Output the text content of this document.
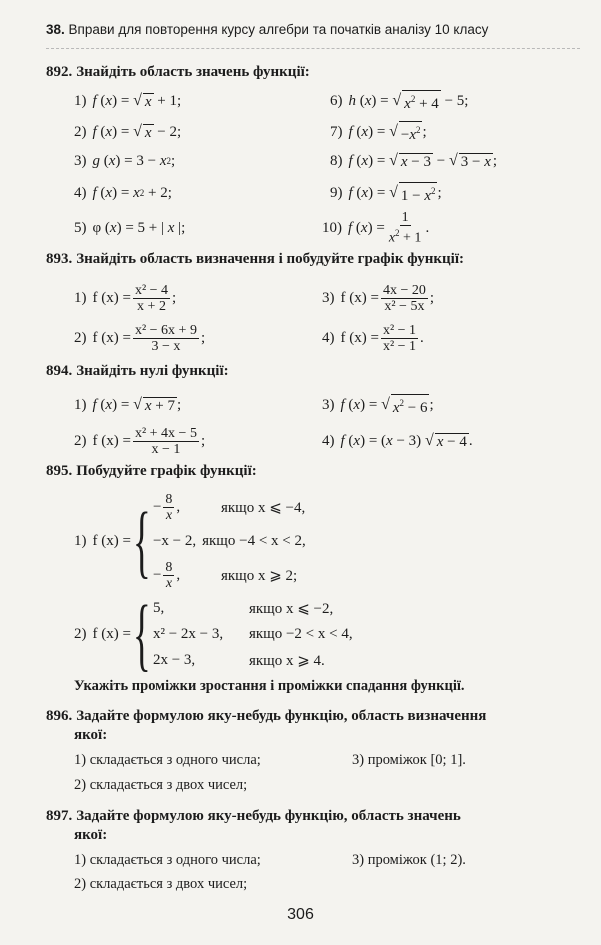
38. Вправи для повторення курсу алгебри та початків аналізу 10 класу
892. Знайдіть область значень функції:
1) f ( x ) = √ x + 1;
2) f ( x ) = √ x − 2;
3) g ( x ) = 3 − x 2 ;
4) f ( x ) = x 2 + 2;
5) φ ( x ) = 5 + | x |;
6) h ( x ) = √ $x^2 + 4 - 5$;
7) f ( x ) = √ $-x^2$ ;
8) f ( x ) = √ x − 3 − √ 3 − x ;
9) f ( x ) = √ $1 - x^2$ ;
10) f ( x ) = $\frac{1}{x^2 + 1}$ .
893. Знайдіть область визначення і побудуйте графік функції:
1) f $(x) = \frac{\text{x² − 4}}{x + 2}$ ;
2) f $(x) = \frac{\text{x² − 6x + 9}}{3 - x}$ ;
3) f $(x) = \frac{4x - 20}{\text{x² − 5x}}$ ;
4) f $(x) = \frac{\text{x² − 1}}{\text{x² − 1}}$ .
894. Знайдіть нулі функції:
1) f ( x ) = √ x + 7 ;
2) f $(x) = \frac{\text{x² + 4x − 5}}{x - 1}$ ;
3) f ( x ) = √ $x^2 - 6$ ;
4) f ( x ) = ( x − 3) √ x − 4 .
895. Побудуйте графік функції:
1) f (x) = { − $\frac{8}{x}$ ,	якщо x ⩽ −4,
−x − 2, якщо −4 < x < 2,
− $\frac{8}{x}$ ,	якщо x ⩾ 2;
2) f (x) = { 5,	якщо x ⩽ −2,
x² − 2x − 3,	якщо −2 < x < 4,
2x − 3,	якщо x ⩾ 4.
Укажіть проміжки зростання і проміжки спадання функції.
896. Задайте формулою яку-небудь функцію, область визначення
якої:
1) складається з одного числа;	3) проміжок [0; 1].
2) складається з двох чисел;
897. Задайте формулою яку-небудь функцію, область значень
якої:
1) складається з одного числа;	3) проміжок (1; 2).
2) складається з двох чисел;
306
